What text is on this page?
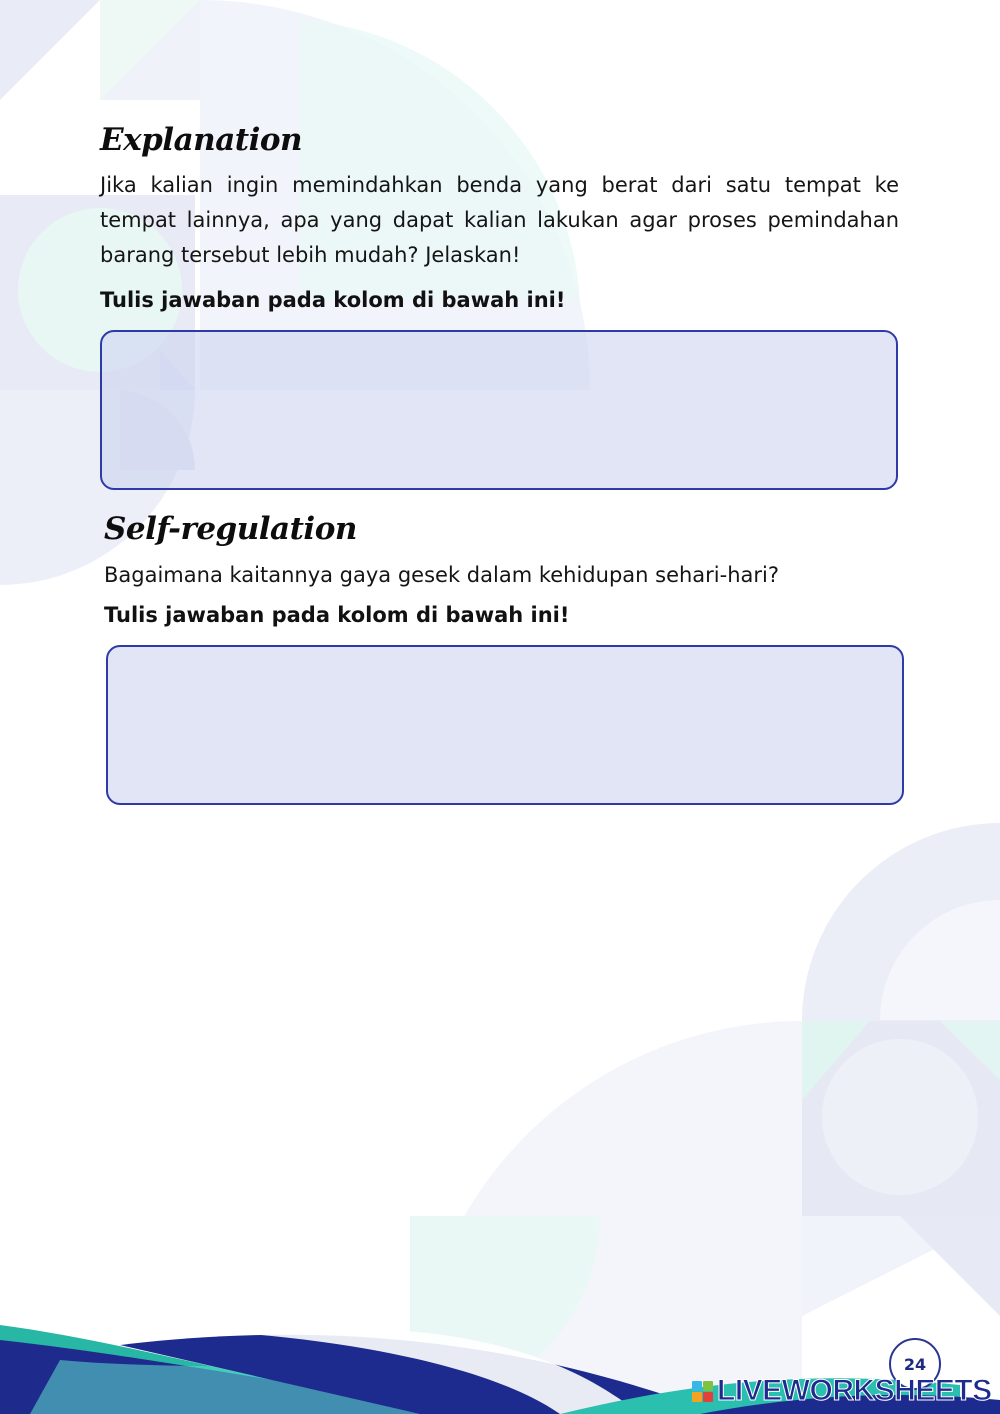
Explanation

Jika kalian ingin memindahkan benda yang berat dari satu tempat ke tempat lainnya, apa yang dapat kalian lakukan agar proses pemindahan barang tersebut lebih mudah? Jelaskan!

Tulis jawaban pada kolom di bawah ini!

Self-regulation

Bagaimana kaitannya gaya gesek dalam kehidupan sehari-hari?

Tulis jawaban pada kolom di bawah ini!

24
LIVEWORKSHEETS
